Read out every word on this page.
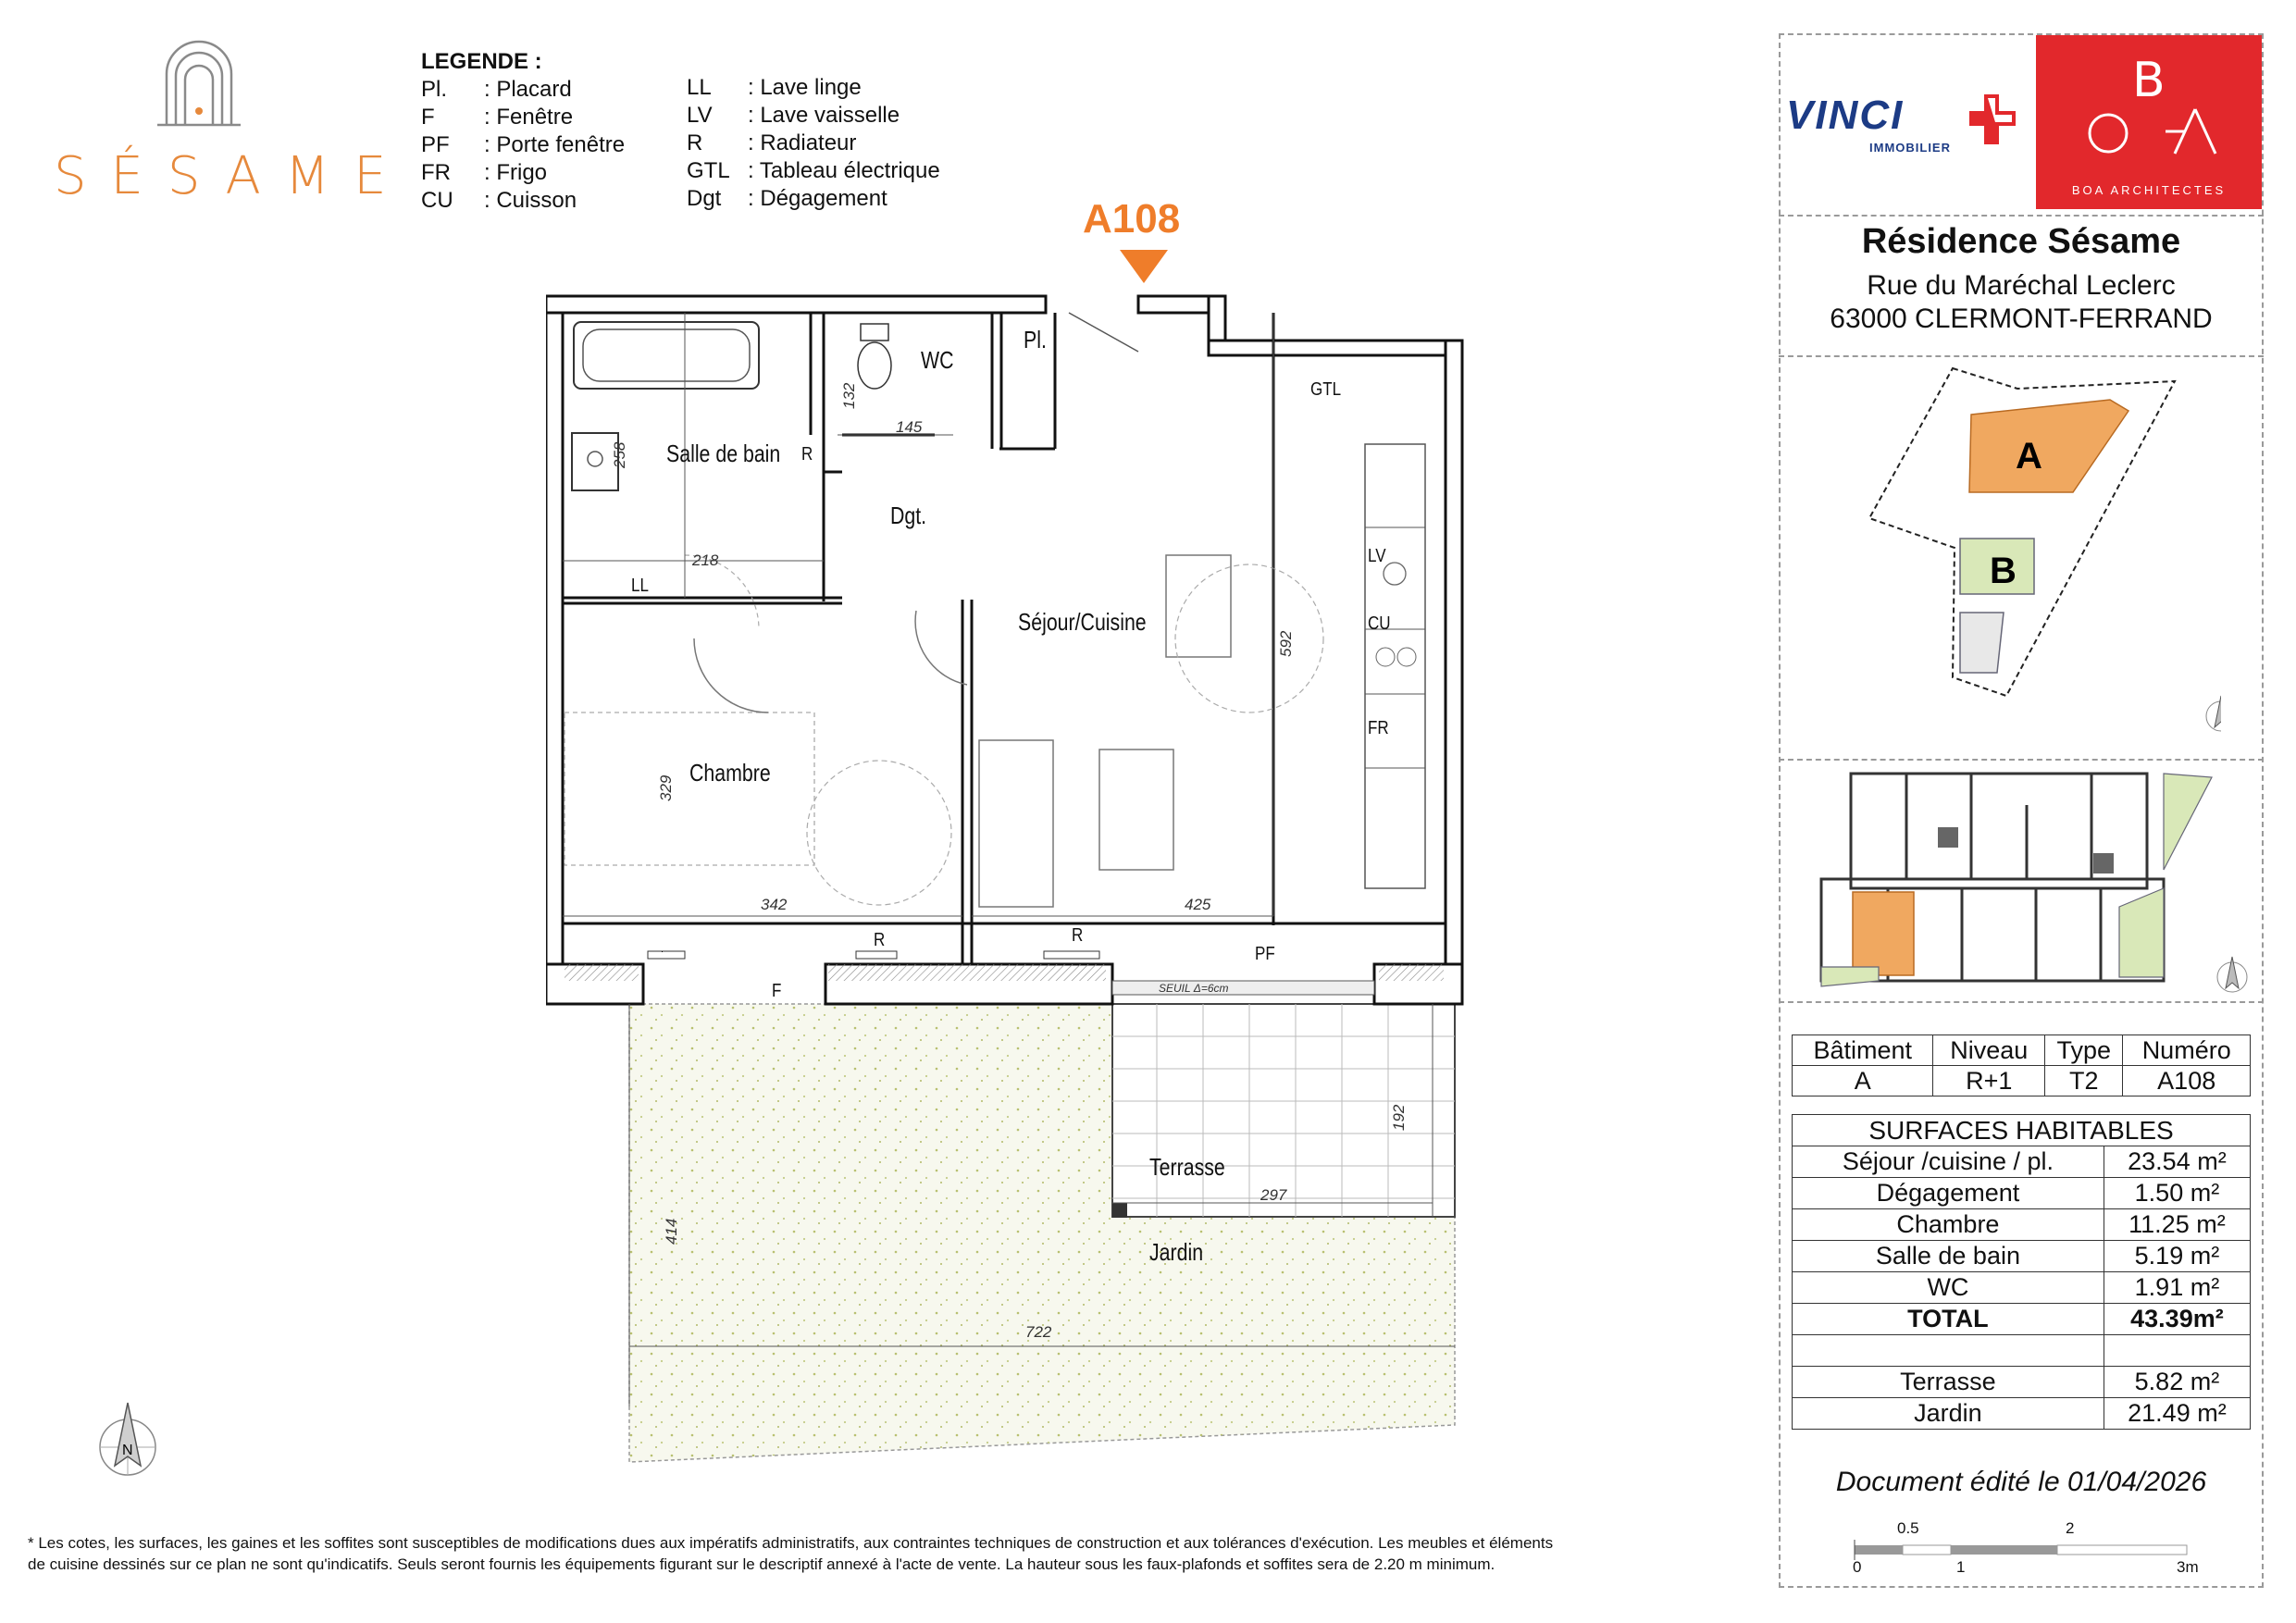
SÉSAME
LEGENDE :
Pl.	: Placard
F	: Fenêtre
PF	: Porte fenêtre
FR	: Frigo
CU	: Cuisson
LL	: Lave linge
LV	: Lave vaisselle
R	: Radiateur
GTL : Tableau électrique
Dgt	: Dégagement	A108
WC
Pl.
GTL
Salle de bain R
Dgt.
Séjour/Cuisine
LV
CU
FR
LL
Chambre
R	R
PF
F	SEUIL Δ=6cm
Terrasse
Jardin
132
145
258
218
592
329
342	425
192
297
414
722
N
* Les cotes, les surfaces, les gaines et les soffites sont susceptibles de modifications dues aux impératifs administratifs, aux contraintes techniques de construction et aux tolérances d'exécution. Les meubles et éléments
de cuisine dessinés sur ce plan ne sont qu'indicatifs. Seuls seront fournis les équipements figurant sur le descriptif annexé à l'acte de vente. La hauteur sous les faux-plafonds et soffites sera de 2.20 m minimum.
VINCI
IMMOBILIER
B
BOA ARCHITECTES
Résidence Sésame
Rue du Maréchal Leclerc
63000 CLERMONT-FERRAND
A
B
Bâtiment	Niveau	Type	Numéro
A	R+1	T2	A108
SURFACES HABITABLES	
Séjour /cuisine / pl.	23.54 m²
Dégagement	1.50 m²
Chambre	11.25 m²
Salle de bain	5.19 m²
WC	1.91 m²
TOTAL	43.39m²

Terrasse	5.82 m²
Jardin	21.49 m²
Document édité le 01/04/2026
0.5	2
0	1	3m
